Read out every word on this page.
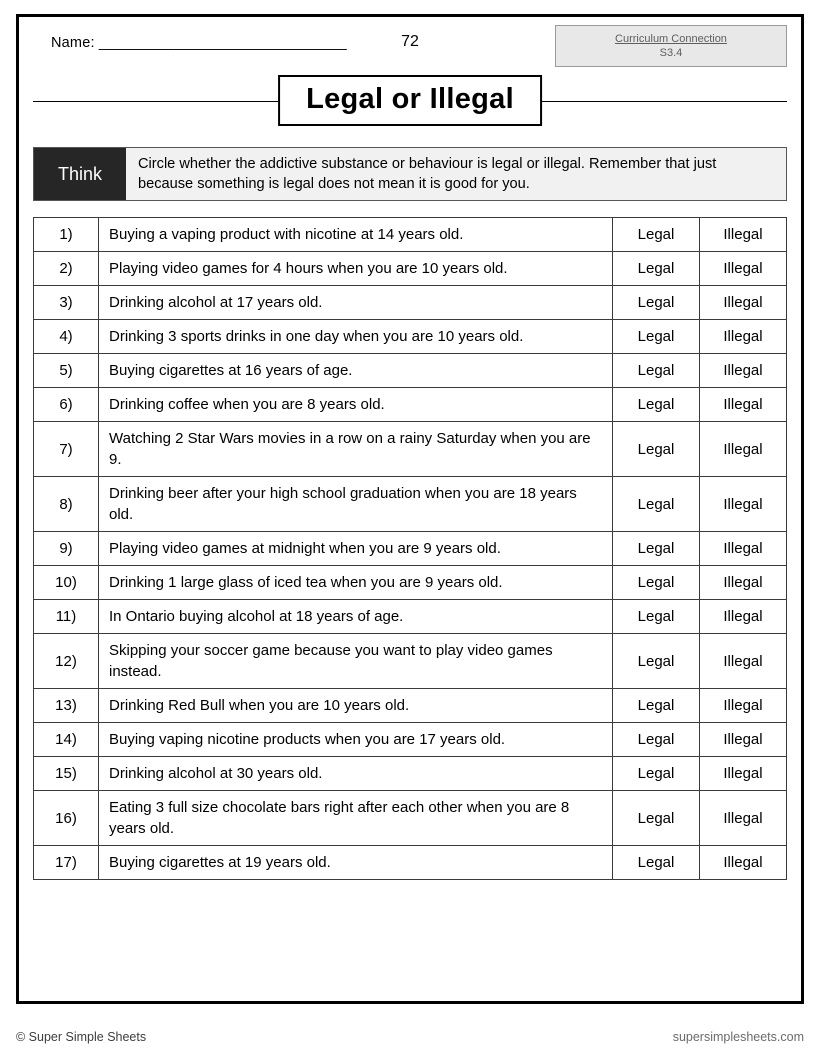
Name: ______________________________	72	Curriculum Connection
S3.4
Legal or Illegal
Think	Circle whether the addictive substance or behaviour is legal or illegal. Remember that just because something is legal does not mean it is good for you.
1)	Buying a vaping product with nicotine at 14 years old.	Legal	Illegal
2)	Playing video games for 4 hours when you are 10 years old.	Legal	Illegal
3)	Drinking alcohol at 17 years old.	Legal	Illegal
4)	Drinking 3 sports drinks in one day when you are 10 years old.	Legal	Illegal
5)	Buying cigarettes at 16 years of age.	Legal	Illegal
6)	Drinking coffee when you are 8 years old.	Legal	Illegal
7)	Watching 2 Star Wars movies in a row on a rainy Saturday when you are 9.	Legal	Illegal
8)	Drinking beer after your high school graduation when you are 18 years old.	Legal	Illegal
9)	Playing video games at midnight when you are 9 years old.	Legal	Illegal
10)	Drinking 1 large glass of iced tea when you are 9 years old.	Legal	Illegal
11)	In Ontario buying alcohol at 18 years of age.	Legal	Illegal
12)	Skipping your soccer game because you want to play video games instead.	Legal	Illegal
13)	Drinking Red Bull when you are 10 years old.	Legal	Illegal
14)	Buying vaping nicotine products when you are 17 years old.	Legal	Illegal
15)	Drinking alcohol at 30 years old.	Legal	Illegal
16)	Eating 3 full size chocolate bars right after each other when you are 8 years old.	Legal	Illegal
17)	Buying cigarettes at 19 years old.	Legal	Illegal
© Super Simple Sheets	supersimplesheets.com
